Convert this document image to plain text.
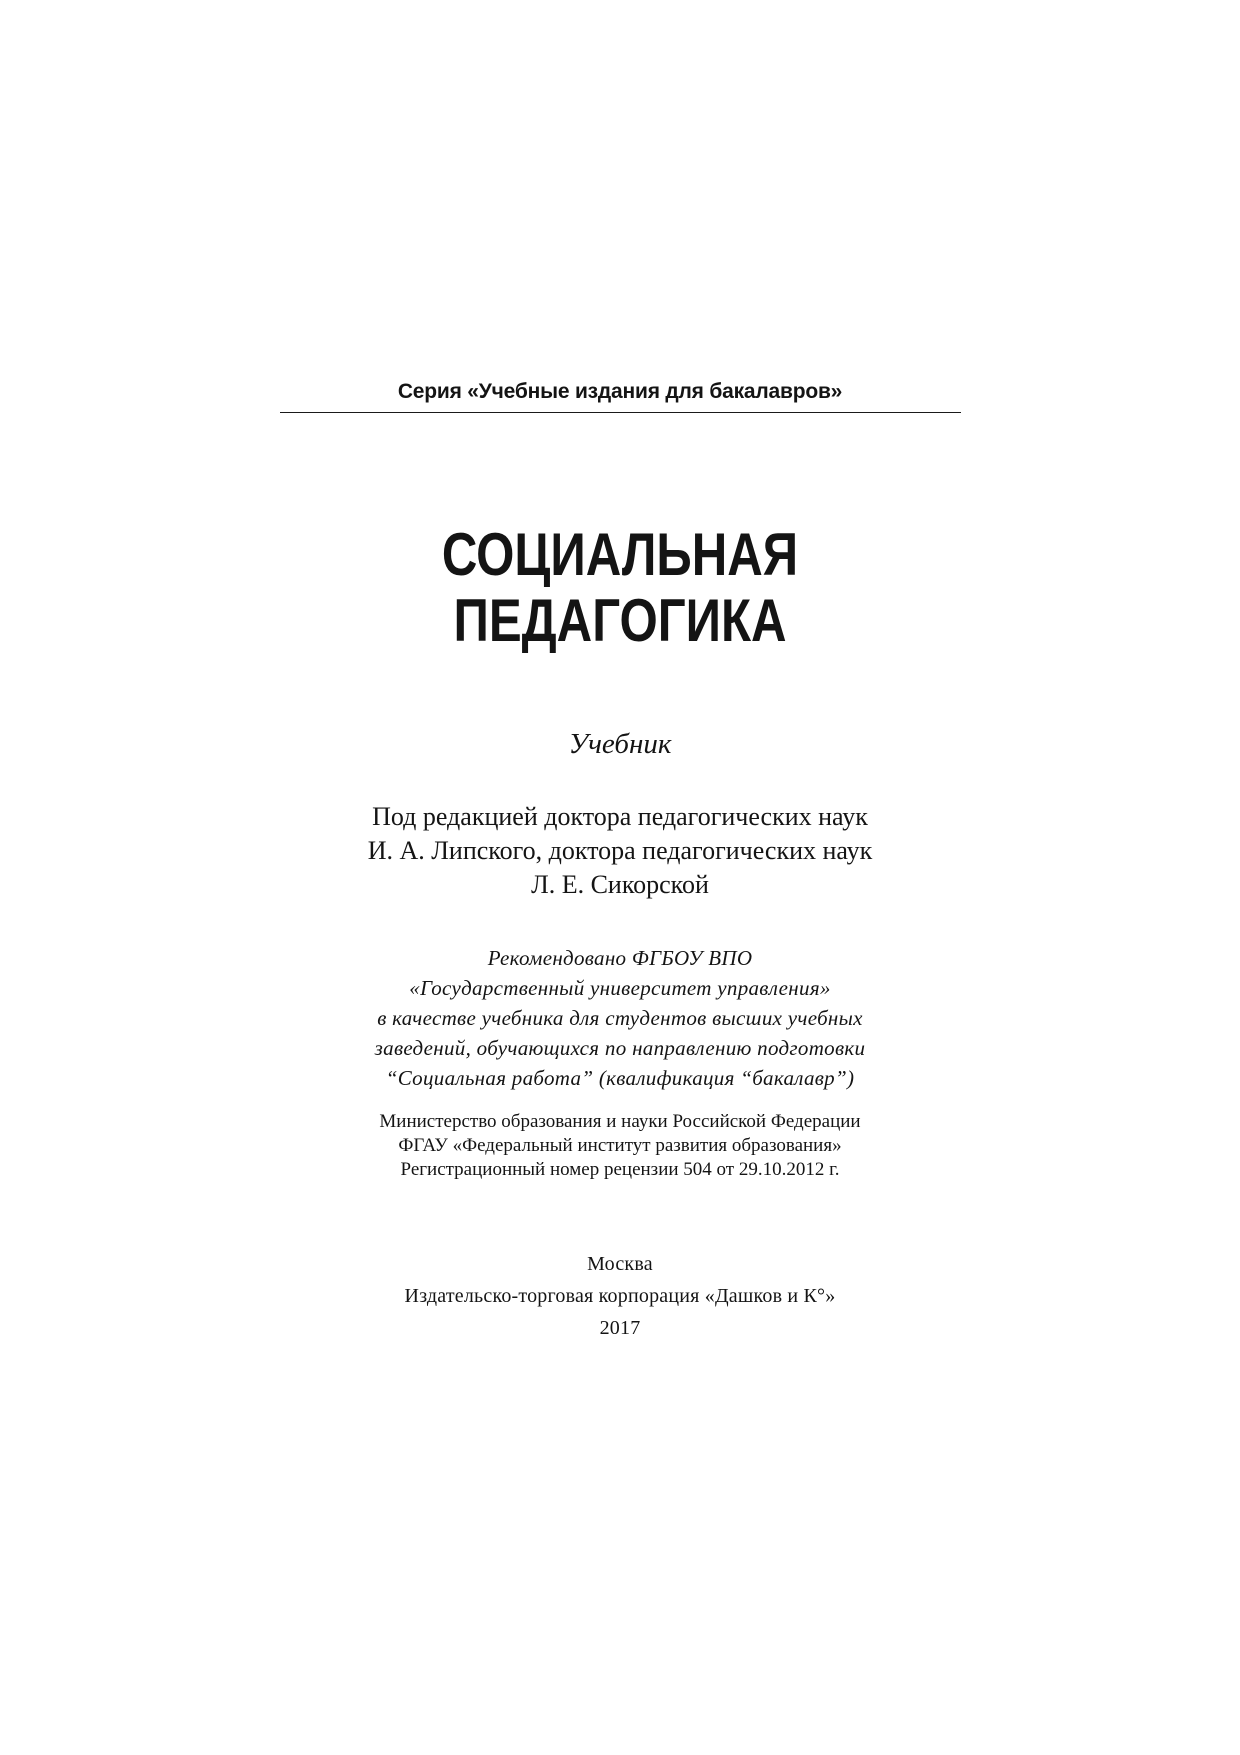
Серия «Учебные издания для бакалавров»
СОЦИАЛЬНАЯ
ПЕДАГОГИКА
Учебник
Под редакцией доктора педагогических наук
И. А. Липского, доктора педагогических наук
Л. Е. Сикорской
Рекомендовано ФГБОУ ВПО
«Государственный университет управления»
в качестве учебника для студентов высших учебных
заведений, обучающихся по направлению подготовки
“Социальная работа” (квалификация “бакалавр”)
Министерство образования и науки Российской Федерации
ФГАУ «Федеральный институт развития образования»
Регистрационный номер рецензии 504 от 29.10.2012 г.
Москва
Издательско-торговая корпорация «Дашков и К°»
2017
